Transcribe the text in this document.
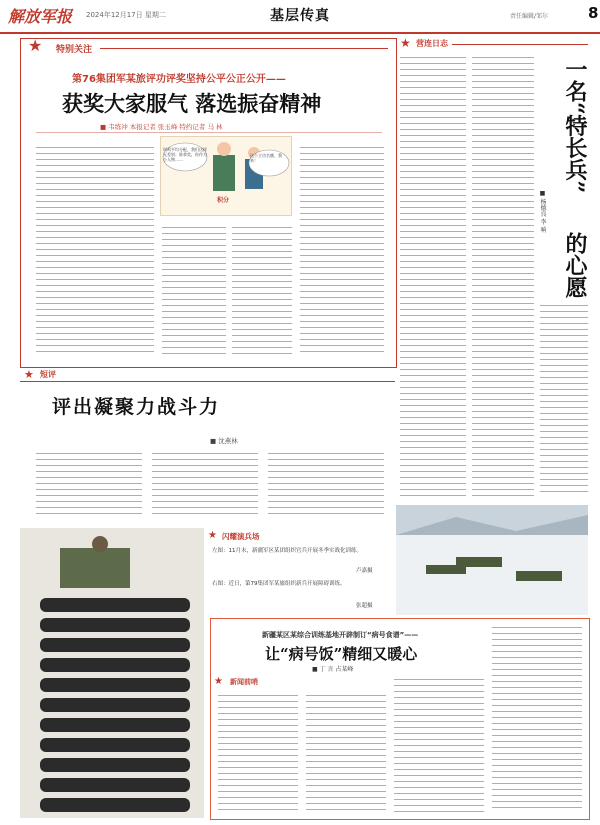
解放军报 2024年12月17日 星期二	基层传真	责任编辑/邹尔	8
★ 特别关注
第76集团军某旅评功评奖坚持公平公正公开——
获奖大家服气 落选振奋精神
■ 韦练冲 本报记者 张玉峰 特约记者 马 林
叫鸡平均分配，我们这样无差别；谁拿奖，你作为小人物……
这个立功名额，我来！
积分
★ 短评
评出凝聚力战斗力
■ 沈燕林
★ 闪耀演兵场
左图：11月末，新疆军区某团组织官兵开展冬季实战化训练。
卢嘉摄
右图：近日，第79集团军某旅组织新兵开展障碍训练。
张超摄
新疆某区某综合训练基地开辟制订“病号食谱”——
让“病号饭”精细又暖心
■ 丁 言 占某峰
★ 新闻前哨
★ 营连日志
一名“特长兵”
的心愿
■ 杨德良 李 响
